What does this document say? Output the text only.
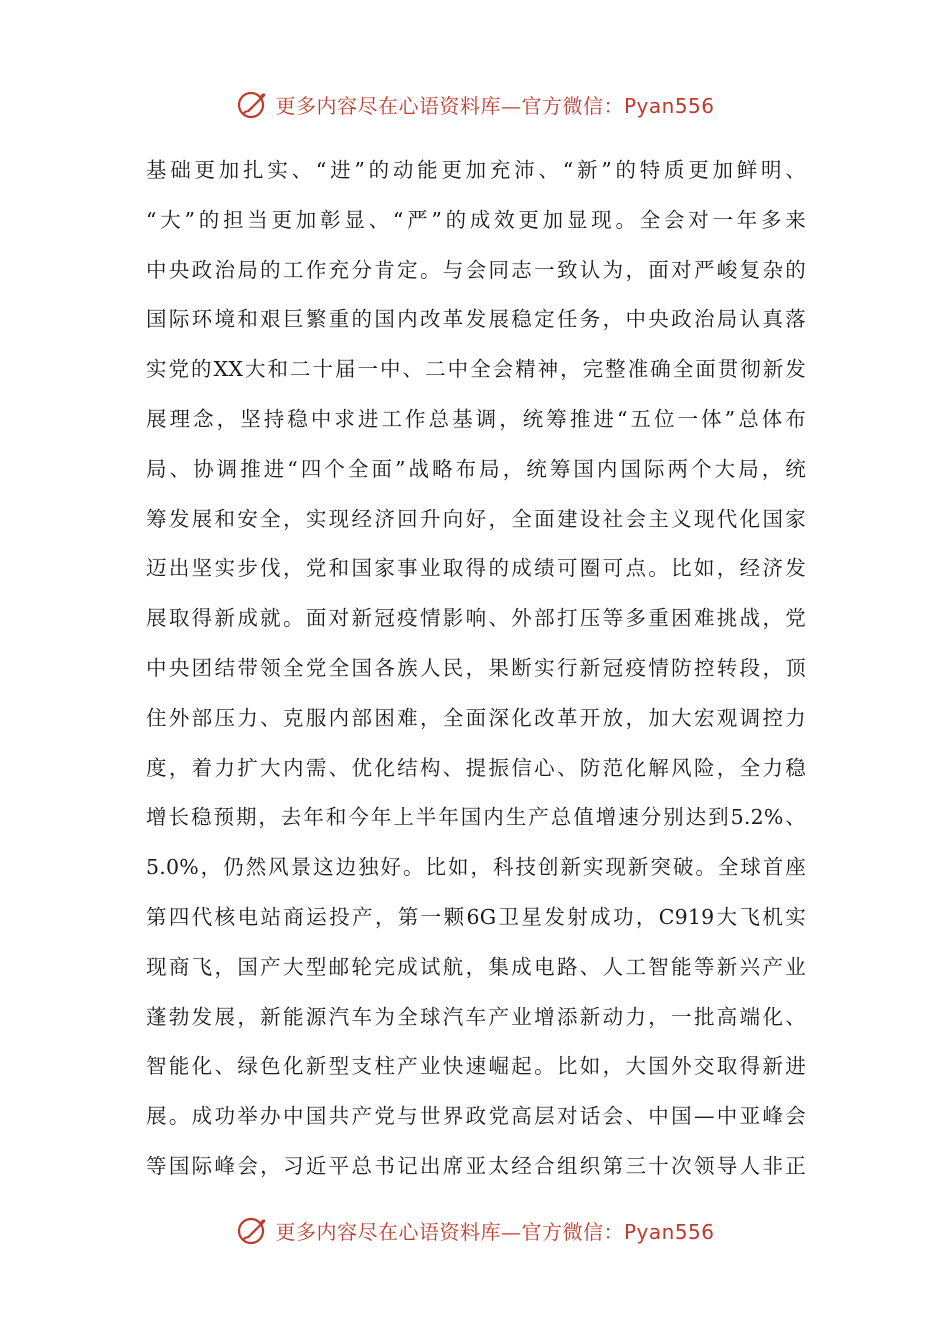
更多内容尽在心语资料库—官方微信：Pyan556
基础更加扎实、“进”的动能更加充沛、“新”的特质更加鲜明、
“大”的担当更加彰显、“严”的成效更加显现。全会对一年多来
中央政治局的工作充分肯定。与会同志一致认为，面对严峻复杂的
国际环境和艰巨繁重的国内改革发展稳定任务，中央政治局认真落
实党的XX大和二十届一中、二中全会精神，完整准确全面贯彻新发
展理念，坚持稳中求进工作总基调，统筹推进“五位一体”总体布
局、协调推进“四个全面”战略布局，统筹国内国际两个大局，统
筹发展和安全，实现经济回升向好，全面建设社会主义现代化国家
迈出坚实步伐，党和国家事业取得的成绩可圈可点。比如，经济发
展取得新成就。面对新冠疫情影响、外部打压等多重困难挑战，党
中央团结带领全党全国各族人民，果断实行新冠疫情防控转段，顶
住外部压力、克服内部困难，全面深化改革开放，加大宏观调控力
度，着力扩大内需、优化结构、提振信心、防范化解风险，全力稳
增长稳预期，去年和今年上半年国内生产总值增速分别达到5.2%、
5.0%，仍然风景这边独好。比如，科技创新实现新突破。全球首座
第四代核电站商运投产，第一颗6G卫星发射成功，C919大飞机实
现商飞，国产大型邮轮完成试航，集成电路、人工智能等新兴产业
蓬勃发展，新能源汽车为全球汽车产业增添新动力，一批高端化、
智能化、绿色化新型支柱产业快速崛起。比如，大国外交取得新进
展。成功举办中国共产党与世界政党高层对话会、中国—中亚峰会
等国际峰会，习近平总书记出席亚太经合组织第三十次领导人非正
更多内容尽在心语资料库—官方微信：Pyan556
